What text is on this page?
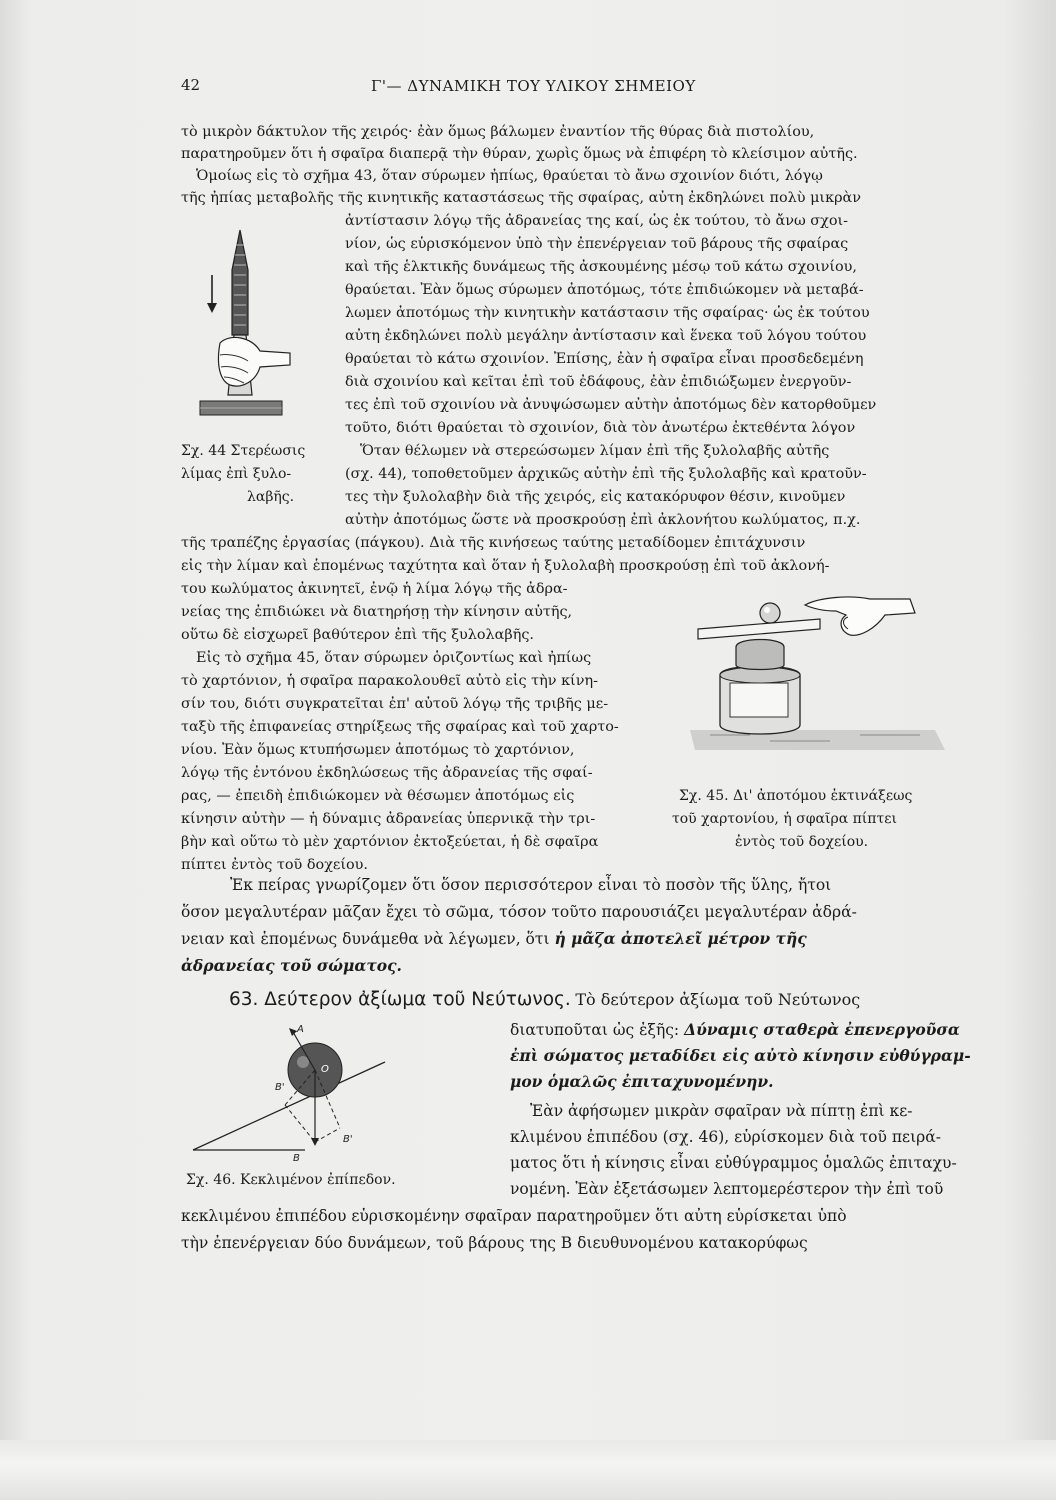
42	Γ'— ΔΥΝΑΜΙΚΗ ΤΟΥ ΥΛΙΚΟΥ ΣΗΜΕΙΟΥ
τὸ μικρὸν δάκτυλον τῆς χειρός· ἐὰν ὅμως βάλωμεν ἐναντίον τῆς θύρας διὰ πιστολίου,
παρατηροῦμεν ὅτι ἡ σφαῖρα διαπερᾷ τὴν θύραν, χωρὶς ὅμως νὰ ἐπιφέρη τὸ κλείσιμον αὐτῆς.
Ὁμοίως εἰς τὸ σχῆμα 43, ὅταν σύρωμεν ἠπίως, θραύεται τὸ ἄνω σχοινίον διότι, λόγῳ
τῆς ἠπίας μεταβολῆς τῆς κινητικῆς καταστάσεως τῆς σφαίρας, αὐτη ἐκδηλώνει πολὺ μικρὰν
ἀντίστασιν λόγῳ τῆς ἀδρανείας της καί, ὡς ἐκ τούτου, τὸ ἄνω σχοι-
νίον, ὡς εὑρισκόμενον ὑπὸ τὴν ἐπενέργειαν τοῦ βάρους τῆς σφαίρας
καὶ τῆς ἑλκτικῆς δυνάμεως τῆς ἀσκουμένης μέσῳ τοῦ κάτω σχοινίου,
θραύεται. Ἐὰν ὅμως σύρωμεν ἀποτόμως, τότε ἐπιδιώκομεν νὰ μεταβά-
λωμεν ἀποτόμως τὴν κινητικὴν κατάστασιν τῆς σφαίρας· ὡς ἐκ τούτου
αὐτη ἐκδηλώνει πολὺ μεγάλην ἀντίστασιν καὶ ἕνεκα τοῦ λόγου τούτου
θραύεται τὸ κάτω σχοινίον. Ἐπίσης, ἐὰν ἡ σφαῖρα εἶναι προσδεδεμένη
διὰ σχοινίου καὶ κεῖται ἐπὶ τοῦ ἐδάφους, ἐὰν ἐπιδιώξωμεν ἐνεργοῦν-
τες ἐπὶ τοῦ σχοινίου νὰ ἀνυψώσωμεν αὐτὴν ἀποτόμως δὲν κατορθοῦμεν
τοῦτο, διότι θραύεται τὸ σχοινίον, διὰ τὸν ἀνωτέρω ἐκτεθέντα λόγον
Ὅταν θέλωμεν νὰ στερεώσωμεν λίμαν ἐπὶ τῆς ξυλολαβῆς αὐτῆς
(σχ. 44), τοποθετοῦμεν ἀρχικῶς αὐτὴν ἐπὶ τῆς ξυλολαβῆς καὶ κρατοῦν-
τες τὴν ξυλολαβὴν διὰ τῆς χειρός, εἰς κατακόρυφον θέσιν, κινοῦμεν
αὐτὴν ἀποτόμως ὥστε νὰ προσκρούσῃ ἐπὶ ἀκλονήτου κωλύματος, π.χ.
Σχ. 44 Στερέωσις
λίμας ἐπὶ ξυλο-
λαβῆς.
τῆς τραπέζης ἐργασίας (πάγκου). Διὰ τῆς κινήσεως ταύτης μεταδίδομεν ἐπιτάχυνσιν
εἰς τὴν λίμαν καὶ ἑπομένως ταχύτητα καὶ ὅταν ἡ ξυλολαβὴ προσκρούσῃ ἐπὶ τοῦ ἀκλονή-
του κωλύματος ἀκινητεῖ, ἐνῷ ἡ λίμα λόγῳ τῆς ἀδρα-
νείας της ἐπιδιώκει νὰ διατηρήσῃ τὴν κίνησιν αὐτῆς,
οὕτω δὲ εἰσχωρεῖ βαθύτερον ἐπὶ τῆς ξυλολαβῆς.
Εἰς τὸ σχῆμα 45, ὅταν σύρωμεν ὁριζοντίως καὶ ἠπίως
τὸ χαρτόνιον, ἡ σφαῖρα παρακολουθεῖ αὐτὸ εἰς τὴν κίνη-
σίν του, διότι συγκρατεῖται ἐπ' αὐτοῦ λόγῳ τῆς τριβῆς με-
ταξὺ τῆς ἐπιφανείας στηρίξεως τῆς σφαίρας καὶ τοῦ χαρτο-
νίου. Ἐὰν ὅμως κτυπήσωμεν ἀποτόμως τὸ χαρτόνιον,
λόγῳ τῆς ἐντόνου ἐκδηλώσεως τῆς ἀδρανείας τῆς σφαί-
ρας, — ἐπειδὴ ἐπιδιώκομεν νὰ θέσωμεν ἀποτόμως εἰς
κίνησιν αὐτὴν — ἡ δύναμις ἀδρανείας ὑπερνικᾷ τὴν τρι-
βὴν καὶ οὕτω τὸ μὲν χαρτόνιον ἐκτοξεύεται, ἡ δὲ σφαῖρα
πίπτει ἐντὸς τοῦ δοχείου.
Σχ. 45. Δι' ἀποτόμου ἐκτινάξεως
τοῦ χαρτονίου, ἡ σφαῖρα πίπτει
ἐντὸς τοῦ δοχείου.
Ἐκ πείρας γνωρίζομεν ὅτι ὅσον περισσότερον εἶναι τὸ ποσὸν τῆς ὕλης, ἤτοι
ὅσον μεγαλυτέραν μᾶζαν ἔχει τὸ σῶμα, τόσον τοῦτο παρουσιάζει μεγαλυτέραν ἀδρά-
νειαν καὶ ἑπομένως δυνάμεθα νὰ λέγωμεν, ὅτι ἡ μᾶζα ἀποτελεῖ μέτρον τῆς
ἀδρανείας τοῦ σώματος.
63. Δεύτερον ἀξίωμα τοῦ Νεύτωνος. Τὸ δεύτερον ἀξίωμα τοῦ Νεύτωνος
διατυποῦται ὡς ἑξῆς: Δύναμις σταθερὰ ἐπενεργοῦσα
ἐπὶ σώματος μεταδίδει εἰς αὐτὸ κίνησιν εὐθύγραμ-
μον ὁμαλῶς ἐπιταχυνομένην.
Ἐὰν ἀφήσωμεν μικρὰν σφαῖραν νὰ πίπτῃ ἐπὶ κε-
κλιμένου ἐπιπέδου (σχ. 46), εὑρίσκομεν διὰ τοῦ πειρά-
ματος ὅτι ἡ κίνησις εἶναι εὐθύγραμμος ὁμαλῶς ἐπιταχυ-
νομένη. Ἐὰν ἐξετάσωμεν λεπτομερέστερον τὴν ἐπὶ τοῦ
κεκλιμένου ἐπιπέδου εὑρισκομένην σφαῖραν παρατηροῦμεν ὅτι αὐτη εὑρίσκεται ὑπὸ
τὴν ἐπενέργειαν δύο δυνάμεων, τοῦ βάρους της Β διευθυνομένου κατακορύφως
A
O
B'
B'
B
Σχ. 46. Κεκλιμένον ἐπίπεδον.
